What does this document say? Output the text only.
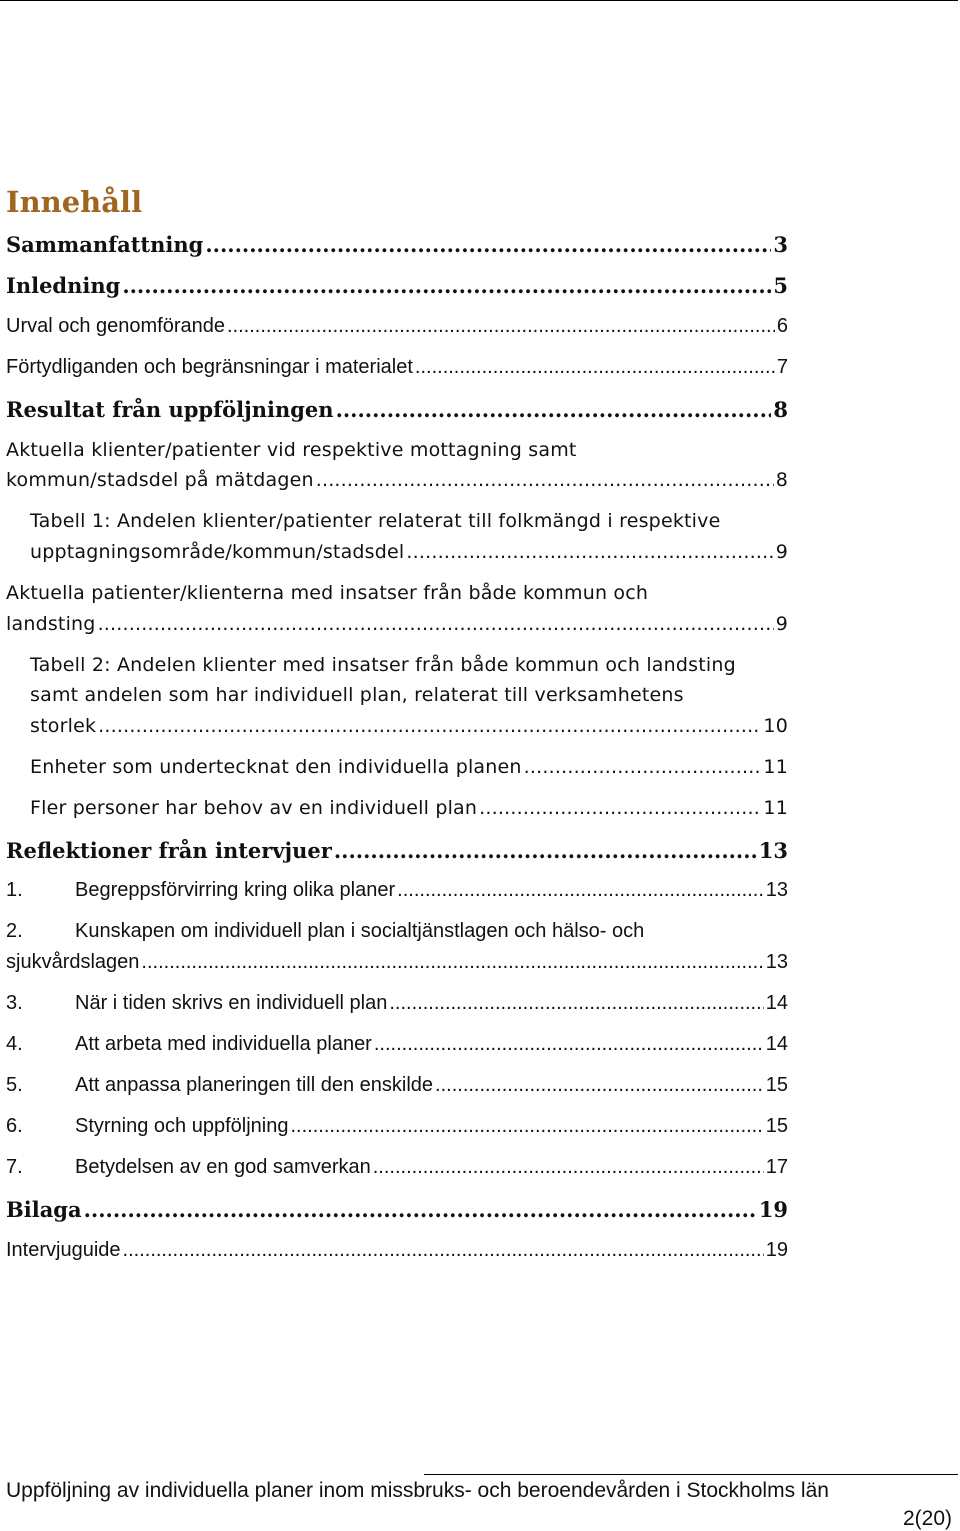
Innehåll
Sammanfattning .....	3
Inledning .....	5
Urval och genomförande .....	6
Förtydliganden och begränsningar i materialet .....	7
Resultat från uppföljningen .....	8
Aktuella klienter/patienter vid respektive mottagning samt
kommun/stadsdel på mätdagen .....	8
Tabell 1: Andelen klienter/patienter relaterat till folkmängd i respektive
upptagningsområde/kommun/stadsdel .....	9
Aktuella patienter/klienterna med insatser från både kommun och
landsting .....	9
Tabell 2: Andelen klienter med insatser från både kommun och landsting
samt andelen som har individuell plan, relaterat till verksamhetens
storlek .....	10
Enheter som undertecknat den individuella planen .....	11
Fler personer har behov av en individuell plan .....	11
Reflektioner från intervjuer .....	13
1.	Begreppsförvirring kring olika planer .....	13
2.	Kunskapen om individuell plan i socialtjänstlagen och hälso- och
sjukvårdslagen .....	13
3.	När i tiden skrivs en individuell plan .....	14
4.	Att arbeta med individuella planer .....	14
5.	Att anpassa planeringen till den enskilde .....	15
6.	Styrning och uppföljning .....	15
7.	Betydelsen av en god samverkan .....	17
Bilaga .....	19
Intervjuguide .....	19
Uppföljning av individuella planer inom missbruks- och beroendevården i Stockholms län
2(20)
